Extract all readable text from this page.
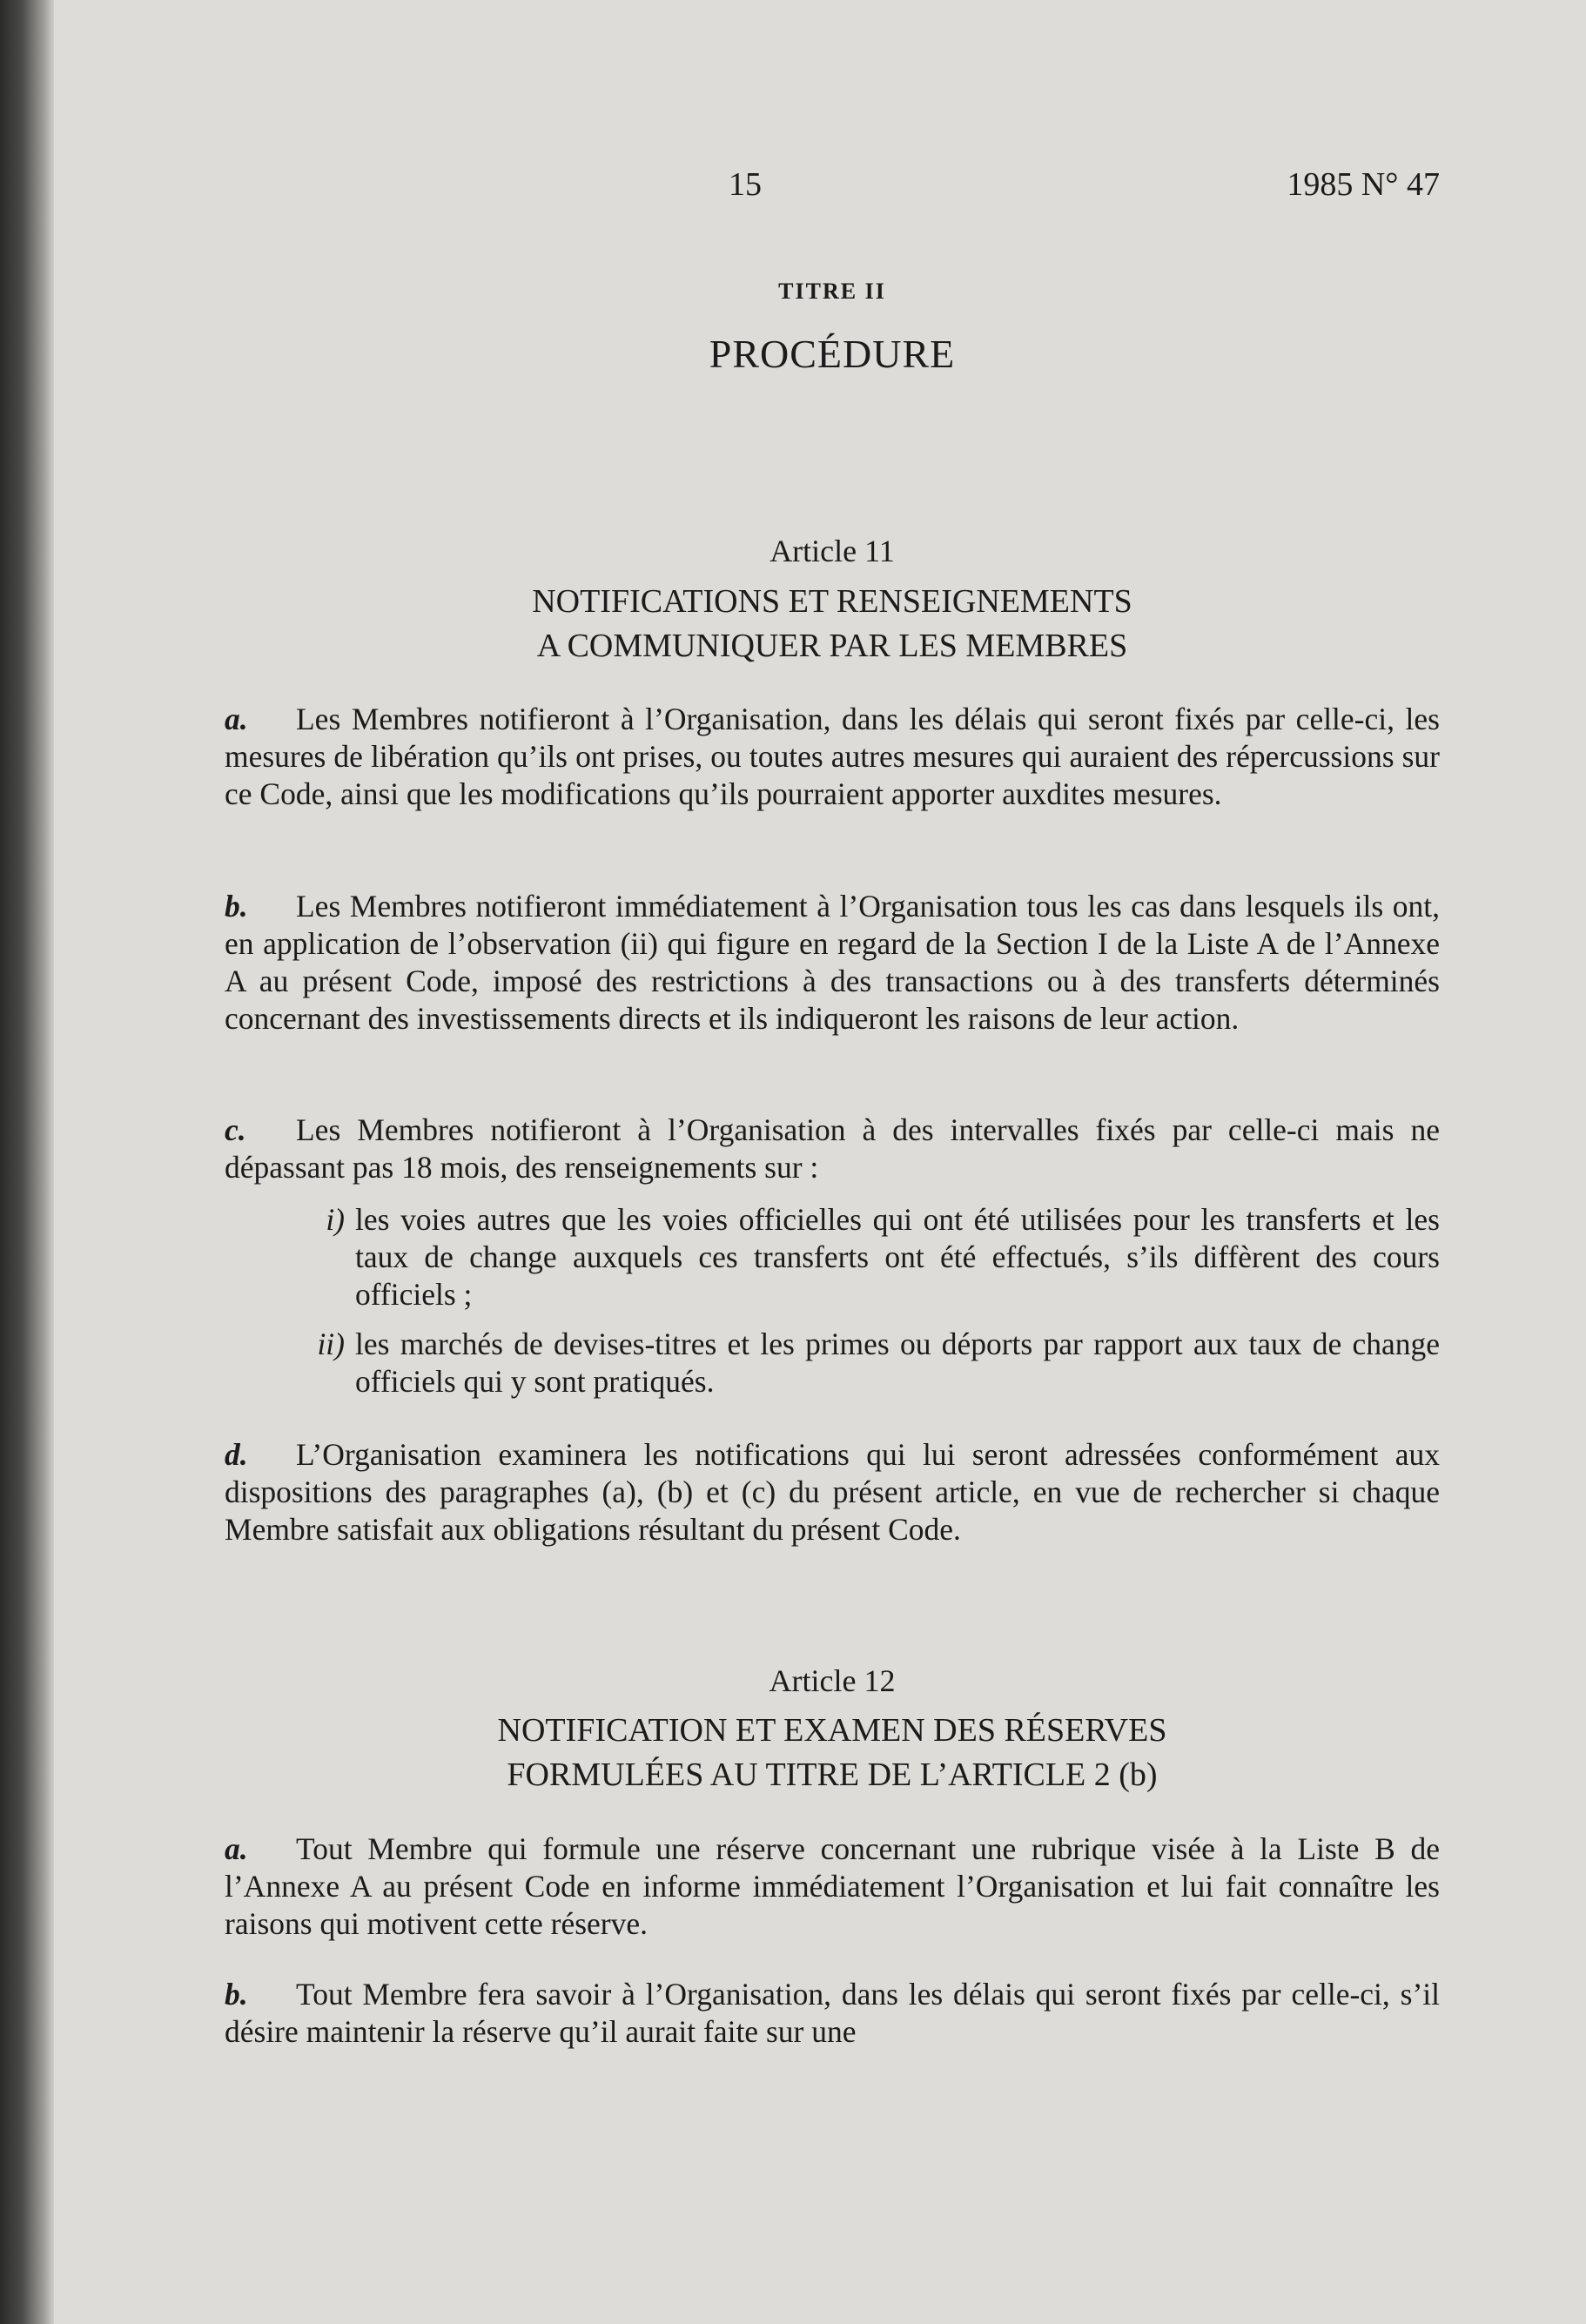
15	1985 N° 47
TITRE II
PROCÉDURE
Article 11
NOTIFICATIONS ET RENSEIGNEMENTS
A COMMUNIQUER PAR LES MEMBRES
a. Les Membres notifieront à l’Organisation, dans les délais qui seront fixés par celle-ci, les mesures de libération qu’ils ont prises, ou toutes autres mesures qui auraient des répercussions sur ce Code, ainsi que les modifications qu’ils pourraient apporter auxdites mesures.
b. Les Membres notifieront immédiatement à l’Organisation tous les cas dans lesquels ils ont, en application de l’observation (ii) qui figure en regard de la Section I de la Liste A de l’Annexe A au présent Code, imposé des restrictions à des transactions ou à des transferts déterminés concernant des investissements directs et ils indiqueront les raisons de leur action.
c. Les Membres notifieront à l’Organisation à des intervalles fixés par celle-ci mais ne dépassant pas 18 mois, des renseignements sur :
i) les voies autres que les voies officielles qui ont été utilisées pour les transferts et les taux de change auxquels ces transferts ont été effectués, s’ils diffèrent des cours officiels ;
ii) les marchés de devises-titres et les primes ou déports par rapport aux taux de change officiels qui y sont pratiqués.
d. L’Organisation examinera les notifications qui lui seront adressées conformément aux dispositions des paragraphes (a), (b) et (c) du présent article, en vue de rechercher si chaque Membre satisfait aux obligations résultant du présent Code.
Article 12
NOTIFICATION ET EXAMEN DES RÉSERVES
FORMULÉES AU TITRE DE L’ARTICLE 2 (b)
a. Tout Membre qui formule une réserve concernant une rubrique visée à la Liste B de l’Annexe A au présent Code en informe immédiatement l’Organisation et lui fait connaître les raisons qui motivent cette réserve.
b. Tout Membre fera savoir à l’Organisation, dans les délais qui seront fixés par celle-ci, s’il désire maintenir la réserve qu’il aurait faite sur une
